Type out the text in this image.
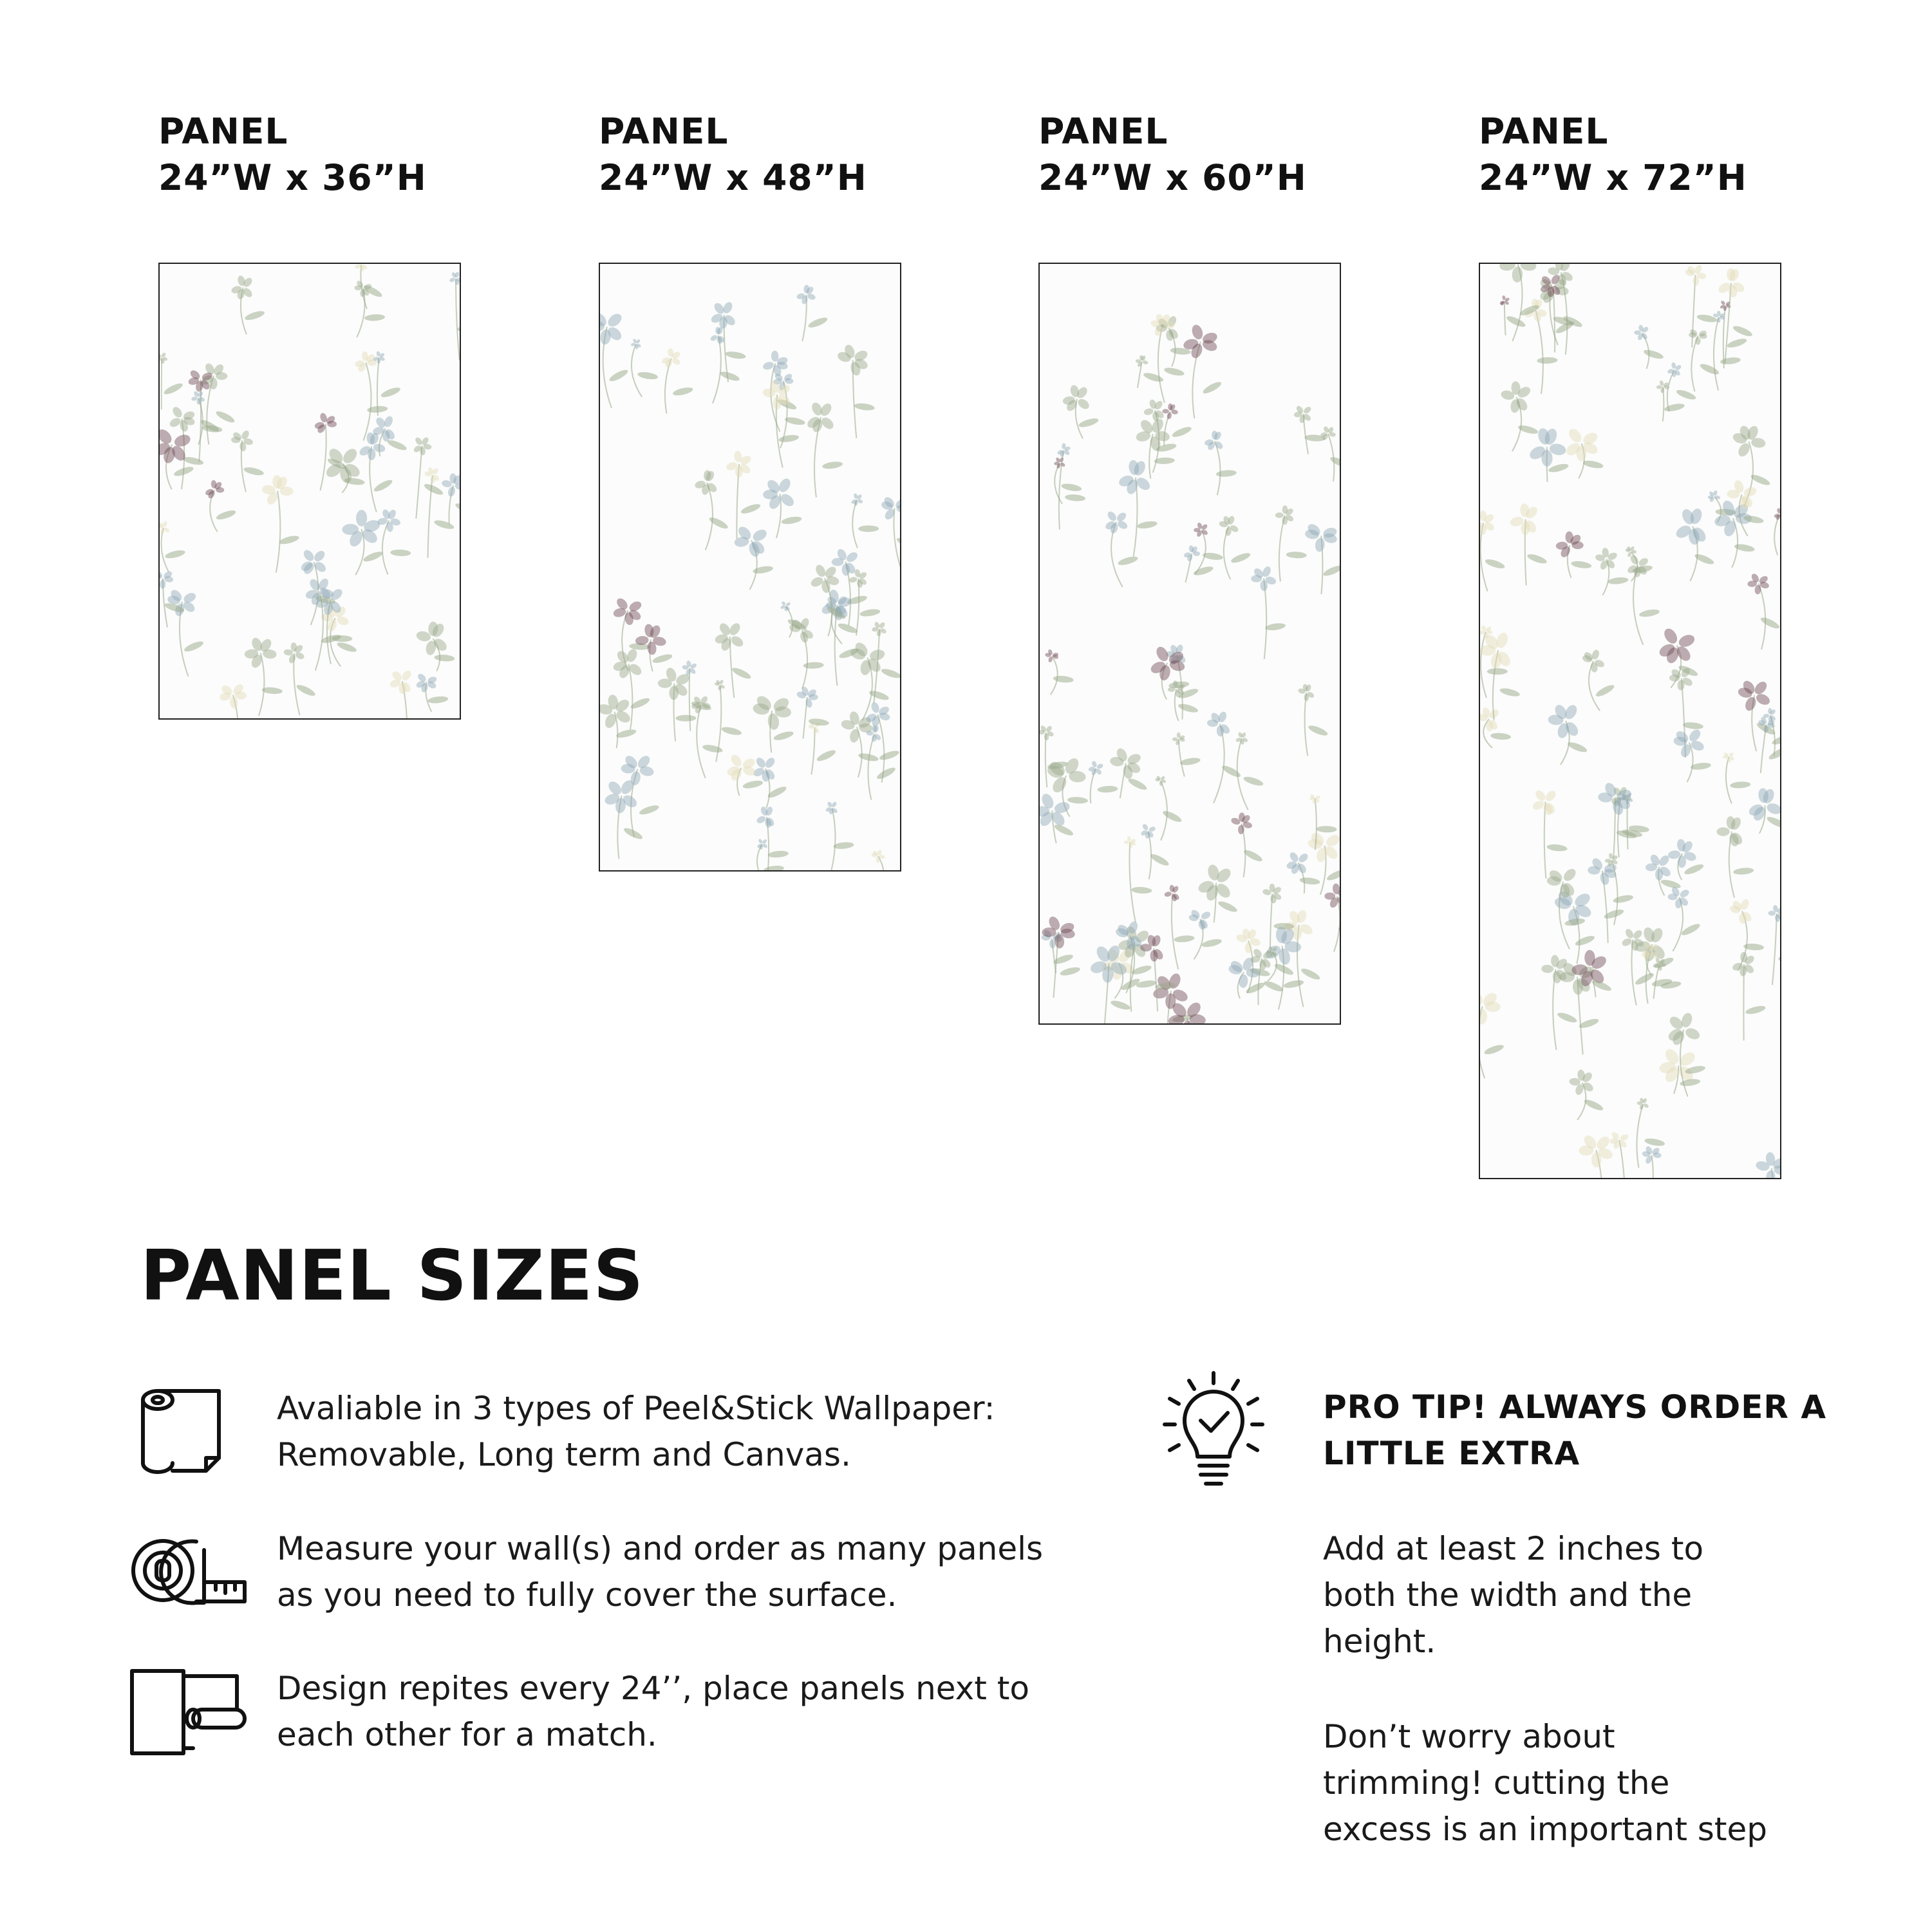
PANEL
24”W x 36”H
PANEL
24”W x 48”H
PANEL
24”W x 60”H
PANEL
24”W x 72”H
PANEL SIZES
Avaliable in 3 types of Peel&Stick Wallpaper:
Removable, Long term and Canvas.
Measure your wall(s) and order as many panels
as you need to fully cover the surface.
Design repites every 24’’, place panels next to
each other for a match.
PRO TIP! ALWAYS ORDER A
LITTLE EXTRA
Add at least 2 inches to
both the width and the
height.
Don’t worry about
trimming! cutting the
excess is an important step
